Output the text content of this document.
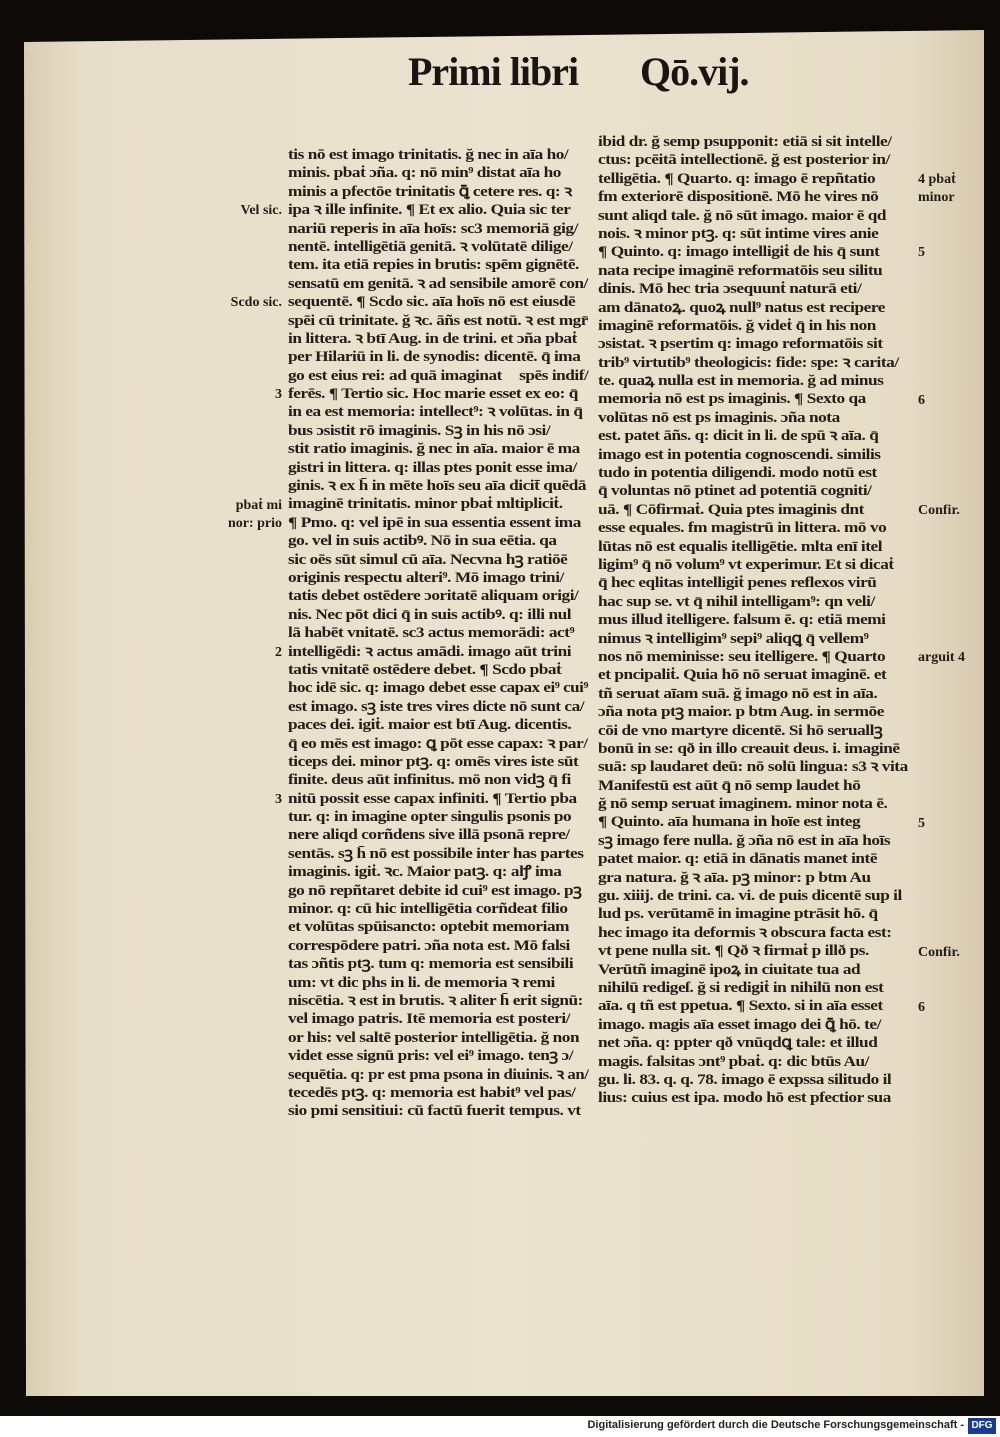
Primi libri Qō.vij.
tis nō est imago trinitatis. ğ nec in aīa ho/
minis. pbaṫ ɔña. q: nō min⁹ distat aīa ho
minis a pfectōe trinitatis ꝗ̄ cetere res. q: ꝛ
ipa ꝛ ille infinite. ¶ Et ex alio. Quia sic ter
nariū reperis in aīa hoīs: sc3 memoriā gig/
nentē. intelligētiā genitā. ꝛ volūtatē dilige/
tem. ita etiā repies in brutis: spēm gignētē.
sensatū em genitā. ꝛ ad sensibile amorē con/
sequentē. ¶ Scdo sic. aīa hoīs nō est eiusdē
spēi cū trinitate. ğ ꝛc. āñs est notū. ꝛ est mgr̄
in littera. ꝛ btī Aug. in de trini. et ɔña pbaṫ
per Hilariū in li. de synodis: dicentē. q̄ ima
go est eius rei: ad quā imaginatᷓ spēs indif/
ferēs. ¶ Tertio sic. Hoc marie esset ex eo: q̄
in ea est memoria: intellect⁹: ꝛ volūtas. in q̄
bus ɔsistit rō imaginis. Sꝫ in his nō ɔsi/
stit ratio imaginis. ğ nec in aīa. maior ē ma
gistri in littera. q: illas ptes ponit esse ima/
ginis. ꝛ ex h̄ in mēte hoīs seu aīa dicit̄ quēdā
imaginē trinitatis. minor pbaṫ mltipliciṫ.
¶ Pmo. q: vel ipē in sua essentia essent ima
go. vel in suis actibꝰ. Nō in sua eētia. qa
sic oēs sūt simul cū aīa. Necvna hꝫ ratiōē
originis respectu alteri⁹. Mō imago trini/
tatis debet ostēdere ɔoritatē aliquam origi/
nis. Nec pōt dici q̄ in suis actibꝰ. q: illi nul
lā habēt vnitatē. sc3 actus memorādi: act⁹
intelligēdi: ꝛ actus amādi. imago aūt trini
tatis vnitatē ostēdere debet. ¶ Scdo pbaṫ
hoc idē sic. q: imago debet esse capax ei⁹ cui⁹
est imago. sꝫ iste tres vires dicte nō sunt ca/
paces dei. igiṫ. maior est btī Aug. dicentis.
q̄ eo mēs est imago: ꝗ pōt esse capax: ꝛ par/
ticeps dei. minor ptꝫ. q: omēs vires iste sūt
finite. deus aūt infinitus. mō non vidꝫ q̄ fi
nitū possit esse capax infiniti. ¶ Tertio pba
tur. q: in imagine opter singulis psonis po
nere aliqd corñdens sive illā psonā repre/
sentās. sꝫ h̄ nō est possibile inter has partes
imaginis. igiṫ. ꝛc. Maior patꝫ. q: alꝭ ima
go nō repñtaret debite id cui⁹ est imago. pꝫ
minor. q: cū hic intelligētia corñdeat filio
et volūtas spūisancto: optebit memoriam
correspōdere patri. ɔña nota est. Mō falsi
tas ɔñtis ptꝫ. tum q: memoria est sensibili
um: vt dic phs in li. de memoria ꝛ remi
niscētia. ꝛ est in brutis. ꝛ aliter h̄ erit signū:
vel imago patris. Itē memoria est posteri/
or his: vel saltē posterior intelligētia. ğ non
videt esse signū pris: vel ei⁹ imago. tenꝫ ɔ/
sequētia. q: pr est pma psona in diuinis. ꝛ an/
tecedēs ptꝫ. q: memoria est habit⁹ vel pas/
sio pmi sensitiui: cū factū fuerit tempus. vt
ibid dr. ğ semp psupponit: etiā si sit intelle/
ctus: pcēitā intellectionē. ğ est posterior in/
telligētia. ¶ Quarto. q: imago ē repñtatio
fm exteriorē dispositionē. Mō he vires nō
sunt aliqd tale. ğ nō sūt imago. maior ē qd
nois. ꝛ minor ptꝫ. q: sūt intime vires anie
¶ Quinto. q: imago intelligiṫ de his q̄ sunt
nata recipe imaginē reformatōis seu silitu
dinis. Mō hec tria ɔsequunṫ naturā eti/
am dānatoꝝ. quoꝝ null⁹ natus est recipere
imaginē reformatōis. ğ videṫ q̄ in his non
ɔsistat. ꝛ psertim q: imago reformatōis sit
trib⁹ virtutib⁹ theologicis: fide: spe: ꝛ carita/
te. quaꝝ nulla est in memoria. ğ ad minus
memoria nō est ps imaginis. ¶ Sexto qa
volūtas nō est ps imaginis. ɔña nota
est. patet āñs. q: dicit in li. de spū ꝛ aīa. q̄
imago est in potentia cognoscendi. similis
tudo in potentia diligendi. modo notū est
q̄ voluntas nō ptinet ad potentiā cogniti/
uā. ¶ Cōfirmaṫ. Quia ptes imaginis dnt
esse equales. fm magistrū in littera. mō vo
lūtas nō est equalis itelligētie. mlta enī itel
ligim⁹ q̄ nō volum⁹ vt experimur. Et si dicaṫ
q̄ hec eqlitas intelligiṫ penes reflexos virū
hac sup se. vt q̄ nihil intelligam⁹: qn veli/
mus illud itelligere. falsum ē. q: etiā memi
nimus ꝛ intelligim⁹ sepi⁹ aliqꝗ q̄ vellem⁹
nos nō meminisse: seu itelligere. ¶ Quarto
et pncipaliṫ. Quia hō nō seruat imaginē. et
tñ seruat aīam suā. ğ imago nō est in aīa.
ɔña nota ptꝫ maior. p btm Aug. in sermōe
cōi de vno martyre dicentē. Si hō seruallꝫ
bonū in se: qð in illo creauit deus. i. imaginē
suā: sp laudaret deū: nō solū lingua: s3 ꝛ vita
Manifestū est aūt q̄ nō semp laudet hō
ğ nō semp seruat imaginem. minor nota ē.
¶ Quinto. aīa humana in hoīe est integ
sꝫ imago fere nulla. ğ ɔña nō est in aīa hoīs
patet maior. q: etiā in dānatis manet intē
gra natura. ğ ꝛ aīa. pꝫ minor: p btm Au
gu. xiiij. de trini. ca. vi. de puis dicentē sup il
lud ps. verūtamē in imagine ptrāsit hō. q̄
hec imago ita deformis ꝛ obscura facta est:
vt pene nulla sit. ¶ Qð ꝛ firmaṫ p illð ps.
Verūtñ imaginē ipoꝝ in ciuitate tua ad
nihilū redigeſ. ğ si redigiṫ in nihilū non est
aīa. q tñ est ppetua. ¶ Sexto. si in aīa esset
imago. magis aīa esset imago dei ꝗ̄ hō. te/
net ɔña. q: ppter qð vnūqdꝗ tale: et illud
magis. falsitas ɔnt⁹ pbaṫ. q: dic btūs Au/
gu. li. 83. q. q. 78. imago ē expssa silitudo il
lius: cuius est ipa. modo hō est pfectior sua
Vel sic.
Scdo sic.
3
pbaṫ mi
nor: prio
2
3
4 pbaṫ
minor
5
6
Confir.
arguit 4
5
Confir.
6
Digitalisierung gefördert durch die Deutsche Forschungsgemeinschaft - DFG
